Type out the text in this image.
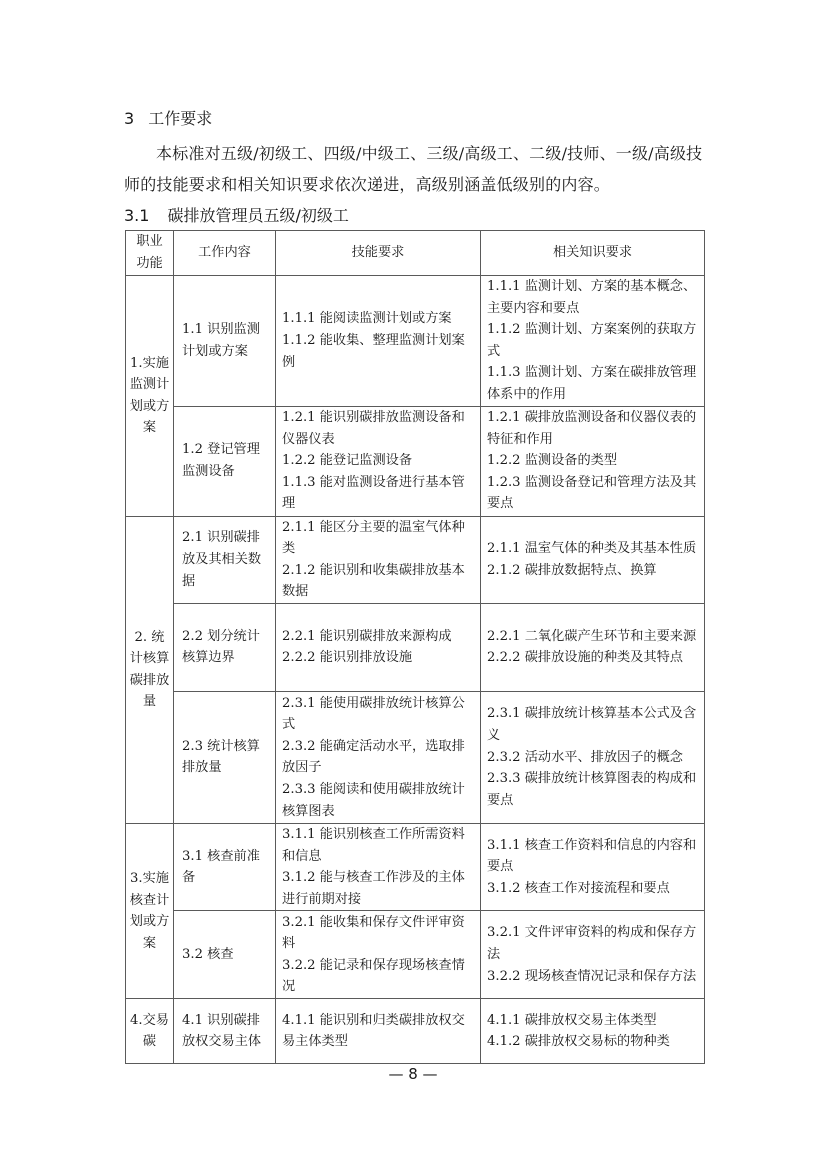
3 工作要求
本标准对五级/初级工、四级/中级工、三级/高级工、二级/技师、一级/高级技师的技能要求和相关知识要求依次递进，高级别涵盖低级别的内容。
3.1 碳排放管理员五级/初级工
职业功能	工作内容	技能要求	相关知识要求
1.实施监测计划或方案	1.1 识别监测计划或方案	1.1.1 能阅读监测计划或方案
1.1.2 能收集、整理监测计划案例	1.1.1 监测计划、方案的基本概念、主要内容和要点
1.1.2 监测计划、方案案例的获取方式
1.1.3 监测计划、方案在碳排放管理体系中的作用

	1.2 登记管理监测设备	1.2.1 能识别碳排放监测设备和仪器仪表
1.2.2 能登记监测设备
1.1.3 能对监测设备进行基本管理	1.2.1 碳排放监测设备和仪器仪表的特征和作用
1.2.2 监测设备的类型
1.2.3 监测设备登记和管理方法及其要点

2. 统计核算碳排放量	2.1 识别碳排放及其相关数据	2.1.1 能区分主要的温室气体种类
2.1.2 能识别和收集碳排放基本数据	2.1.1 温室气体的种类及其基本性质
2.1.2 碳排放数据特点、换算

	2.2 划分统计核算边界	2.2.1 能识别碳排放来源构成
2.2.2 能识别排放设施	2.2.1 二氧化碳产生环节和主要来源
2.2.2 碳排放设施的种类及其特点

	2.3 统计核算排放量	2.3.1 能使用碳排放统计核算公式
2.3.2 能确定活动水平，选取排放因子
2.3.3 能阅读和使用碳排放统计核算图表	2.3.1 碳排放统计核算基本公式及含义
2.3.2 活动水平、排放因子的概念
2.3.3 碳排放统计核算图表的构成和要点

3.实施核查计划或方案	3.1 核查前准备	3.1.1 能识别核查工作所需资料和信息
3.1.2 能与核查工作涉及的主体进行前期对接	3.1.1 核查工作资料和信息的内容和要点
3.1.2 核查工作对接流程和要点

	3.2 核查	3.2.1 能收集和保存文件评审资料
3.2.2 能记录和保存现场核查情况	3.2.1 文件评审资料的构成和保存方法
3.2.2 现场核查情况记录和保存方法

4.交易碳	4.1 识别碳排放权交易主体	4.1.1 能识别和归类碳排放权交易主体类型	4.1.1 碳排放权交易主体类型
4.1.2 碳排放权交易标的物种类
— 8 —
